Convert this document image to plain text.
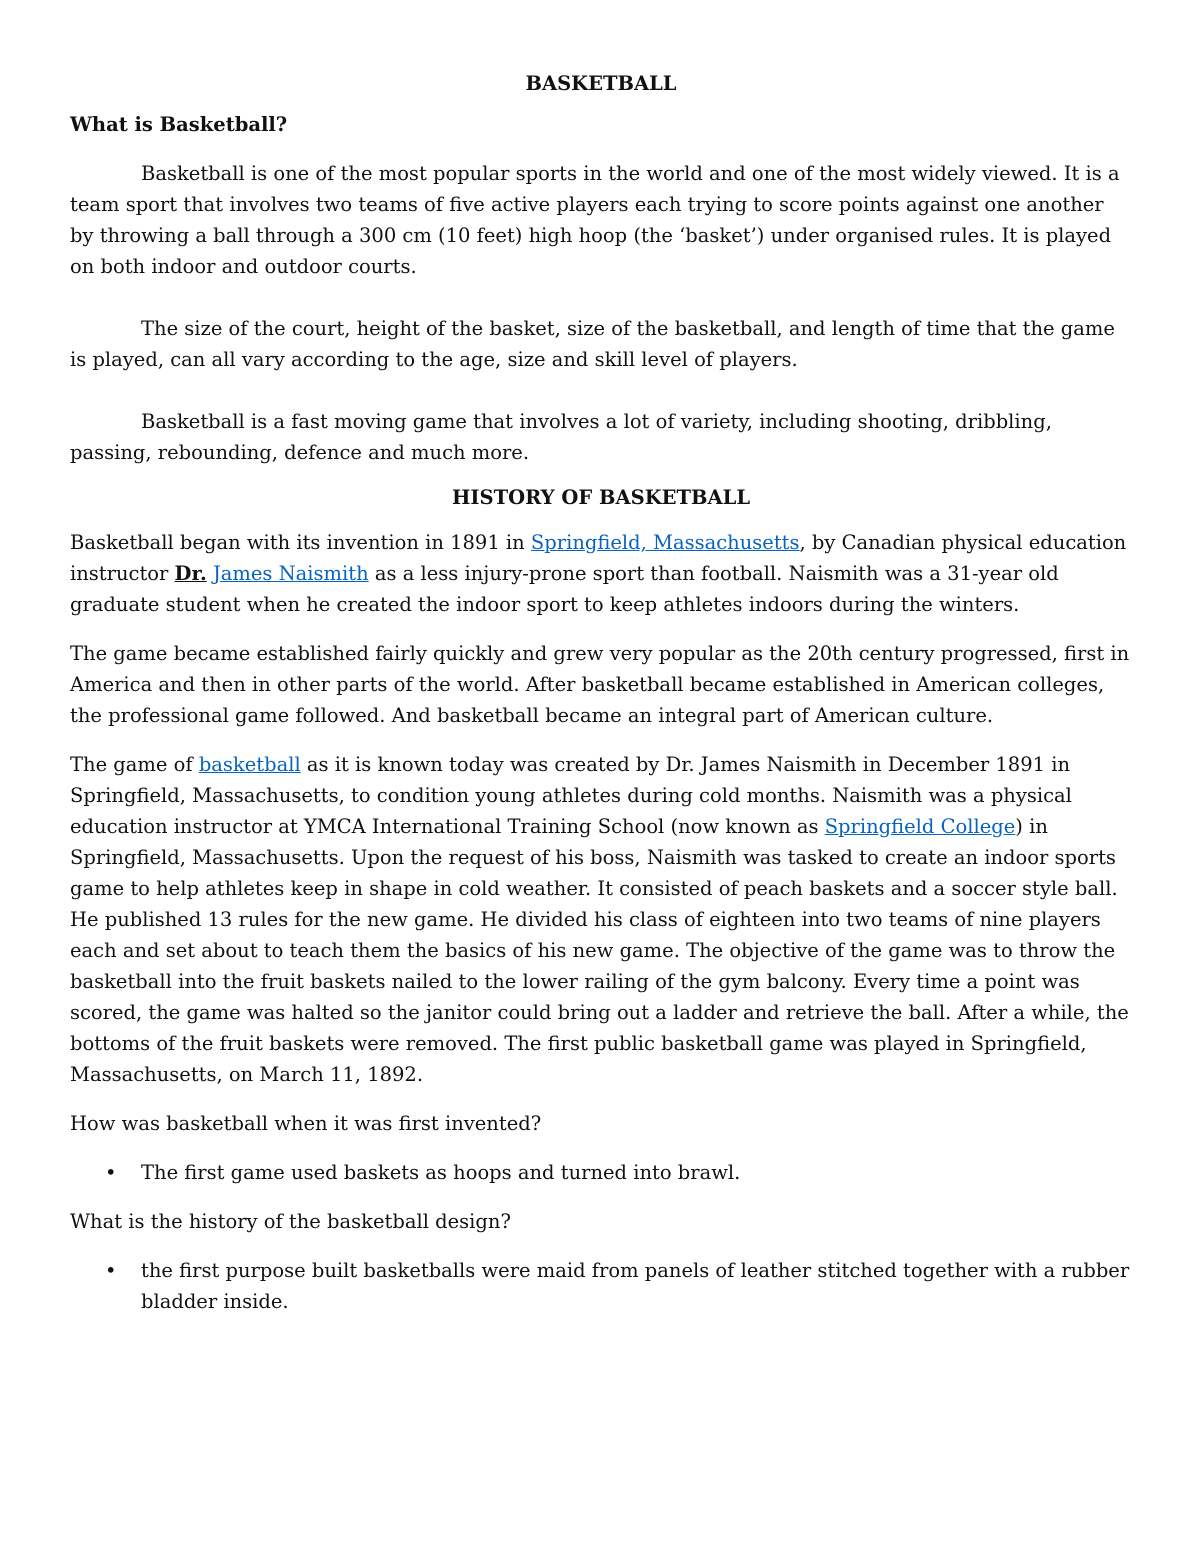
BASKETBALL
What is Basketball?

Basketball is one of the most popular sports in the world and one of the most widely viewed. It is a team sport that involves two teams of five active players each trying to score points against one another by throwing a ball through a 300 cm (10 feet) high hoop (the ‘basket’) under organised rules. It is played on both indoor and outdoor courts.

The size of the court, height of the basket, size of the basketball, and length of time that the game is played, can all vary according to the age, size and skill level of players.

Basketball is a fast moving game that involves a lot of variety, including shooting, dribbling, passing, rebounding, defence and much more.

HISTORY OF BASKETBALL

Basketball began with its invention in 1891 in Springfield, Massachusetts, by Canadian physical education instructor Dr. James Naismith as a less injury-prone sport than football. Naismith was a 31-year old graduate student when he created the indoor sport to keep athletes indoors during the winters.

The game became established fairly quickly and grew very popular as the 20th century progressed, first in America and then in other parts of the world. After basketball became established in American colleges, the professional game followed. And basketball became an integral part of American culture.

The game of basketball as it is known today was created by Dr. James Naismith in December 1891 in Springfield, Massachusetts, to condition young athletes during cold months. Naismith was a physical education instructor at YMCA International Training School (now known as Springfield College) in Springfield, Massachusetts. Upon the request of his boss, Naismith was tasked to create an indoor sports game to help athletes keep in shape in cold weather. It consisted of peach baskets and a soccer style ball. He published 13 rules for the new game. He divided his class of eighteen into two teams of nine players each and set about to teach them the basics of his new game. The objective of the game was to throw the basketball into the fruit baskets nailed to the lower railing of the gym balcony. Every time a point was scored, the game was halted so the janitor could bring out a ladder and retrieve the ball. After a while, the bottoms of the fruit baskets were removed. The first public basketball game was played in Springfield, Massachusetts, on March 11, 1892.

How was basketball when it was first invented?

• The first game used baskets as hoops and turned into brawl.

What is the history of the basketball design?

• the first purpose built basketballs were maid from panels of leather stitched together with a rubber bladder inside.
